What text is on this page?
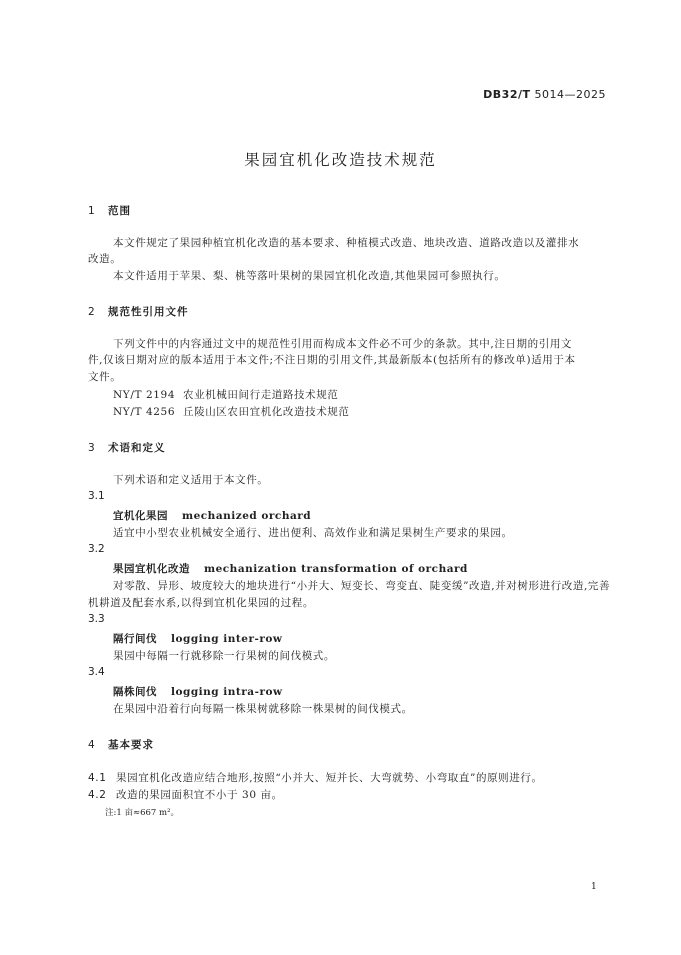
DB32/T 5014—2025
果园宜机化改造技术规范
1 范围
本文件规定了果园种植宜机化改造的基本要求、种植模式改造、地块改造、道路改造以及灌排水
改造。
本文件适用于苹果、梨、桃等落叶果树的果园宜机化改造,其他果园可参照执行。
2 规范性引用文件
下列文件中的内容通过文中的规范性引用而构成本文件必不可少的条款。其中,注日期的引用文
件,仅该日期对应的版本适用于本文件;不注日期的引用文件,其最新版本(包括所有的修改单)适用于本
文件。
NY/T 2194 农业机械田间行走道路技术规范
NY/T 4256 丘陵山区农田宜机化改造技术规范
3 术语和定义
下列术语和定义适用于本文件。
3.1
宜机化果园 mechanized orchard
适宜中小型农业机械安全通行、进出便利、高效作业和满足果树生产要求的果园。
3.2
果园宜机化改造 mechanization transformation of orchard
对零散、异形、坡度较大的地块进行“小并大、短变长、弯变直、陡变缓”改造,并对树形进行改造,完善
机耕道及配套水系,以得到宜机化果园的过程。
3.3
隔行间伐 logging inter-row
果园中每隔一行就移除一行果树的间伐模式。
3.4
隔株间伐 logging intra-row
在果园中沿着行向每隔一株果树就移除一株果树的间伐模式。
4 基本要求
4.1 果园宜机化改造应结合地形,按照“小并大、短并长、大弯就势、小弯取直”的原则进行。
4.2 改造的果园面积宜不小于 30 亩。
注:1 亩≈667 m²。
1
